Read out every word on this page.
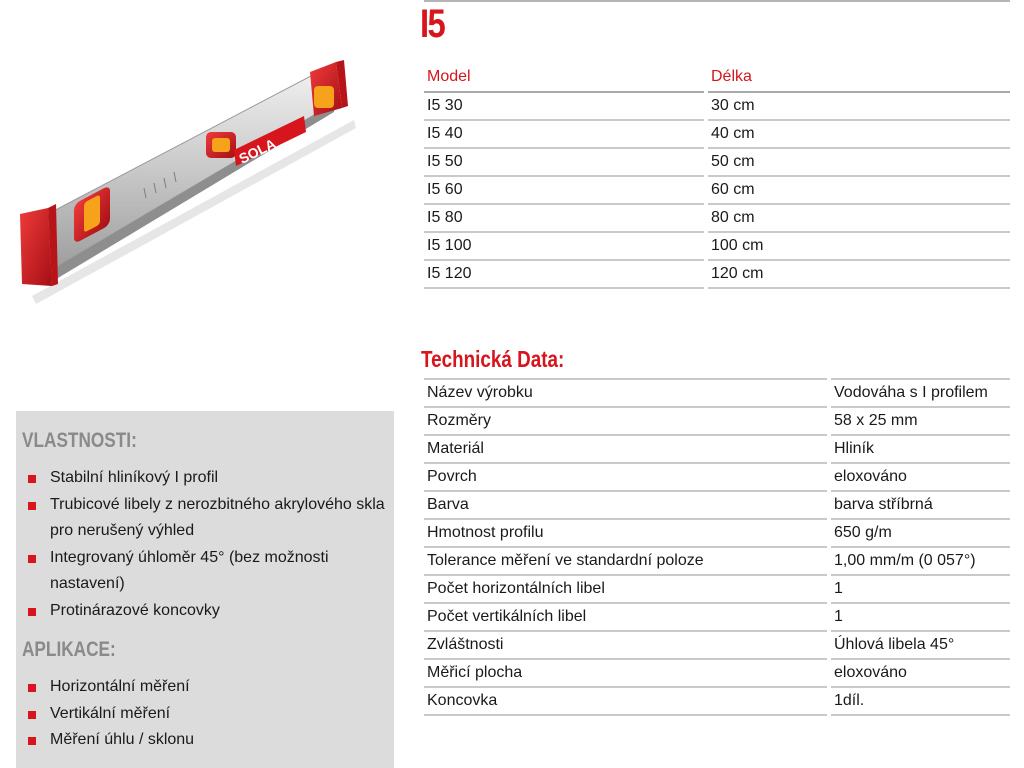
I5
SOLA
Model	Délka
I5 30	30 cm
I5 40	40 cm
I5 50	50 cm
I5 60	60 cm
I5 80	80 cm
I5 100	100 cm
I5 120	120 cm
Technická Data:
Název výrobku	Vodováha s I profilem
Rozměry	58 x 25 mm
Materiál	Hliník
Povrch	eloxováno
Barva	barva stříbrná
Hmotnost profilu	650 g/m
Tolerance měření ve standardní poloze	1,00 mm/m (0 057°)
Počet horizontálních libel	1
Počet vertikálních libel	1
Zvláštnosti	Úhlová libela 45°
Měřicí plocha	eloxováno
Koncovka	1díl.
VLASTNOSTI:
Stabilní hliníkový I profil
Trubicové libely z nerozbitného akrylového skla pro nerušený výhled
Integrovaný úhloměr 45° (bez možnosti nastavení)
Protinárazové koncovky
APLIKACE:
Horizontální měření
Vertikální měření
Měření úhlu / sklonu
